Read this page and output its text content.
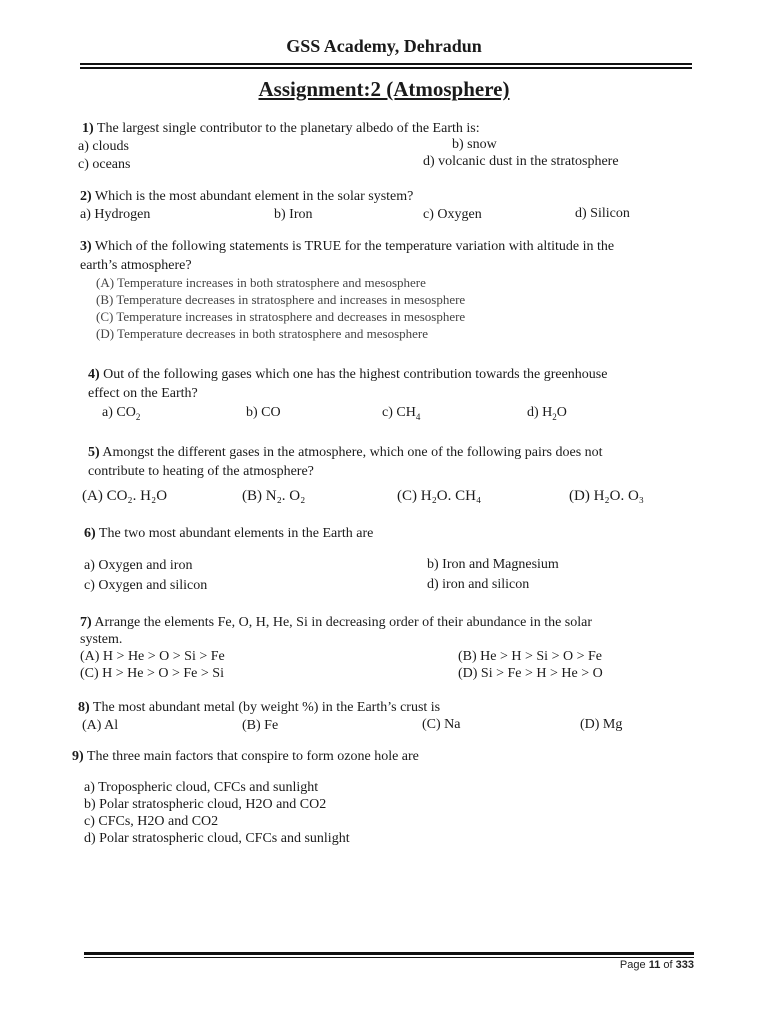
GSS Academy, Dehradun
Assignment:2 (Atmosphere)
1) The largest single contributor to the planetary albedo of the Earth is:
a) clouds	b) snow
c) oceans	d) volcanic dust in the stratosphere
2) Which is the most abundant element in the solar system?
a) Hydrogen	b) Iron	c) Oxygen	d) Silicon
3) Which of the following statements is TRUE for the temperature variation with altitude in the
earth’s atmosphere?
(A) Temperature increases in both stratosphere and mesosphere
(B) Temperature decreases in stratosphere and increases in mesosphere
(C) Temperature increases in stratosphere and decreases in mesosphere
(D) Temperature decreases in both stratosphere and mesosphere
4) Out of the following gases which one has the highest contribution towards the greenhouse
effect on the Earth?
a) $CO_2$	b) CO	c) $CH_4$	d) $H_2O$
5) Amongst the different gases in the atmosphere, which one of the following pairs does not
contribute to heating of the atmosphere?
(A) CO₂. H₂O	(B) N₂. O₂	(C) H₂O. CH₄	(D) H₂O. O₃
6) The two most abundant elements in the Earth are
a) Oxygen and iron	b) Iron and Magnesium
c) Oxygen and silicon	d) iron and silicon
7) Arrange the elements Fe, O, H, He, Si in decreasing order of their abundance in the solar
system.
(A) H > He > O > Si > Fe	(B) He > H > Si > O > Fe
(C) H > He > O > Fe > Si	(D) Si > Fe > H > He > O
8) The most abundant metal (by weight %) in the Earth’s crust is
(A) Al	(B) Fe	(C) Na	(D) Mg
9) The three main factors that conspire to form ozone hole are
a) Tropospheric cloud, CFCs and sunlight
b) Polar stratospheric cloud, H2O and CO2
c) CFCs, H2O and CO2
d) Polar stratospheric cloud, CFCs and sunlight
Page 11 of 333
